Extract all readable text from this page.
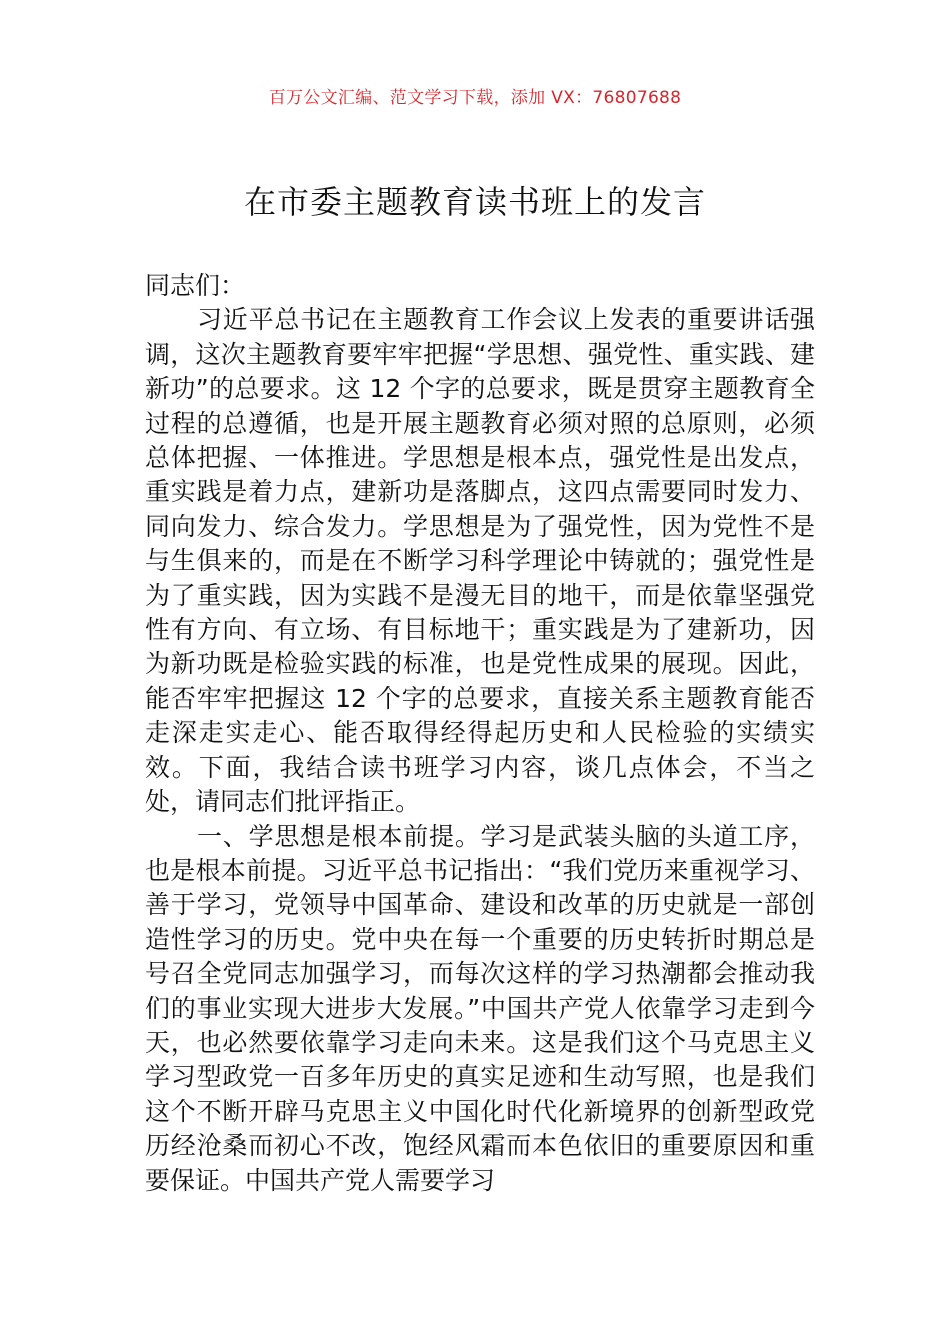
百万公文汇编、范文学习下载，添加 VX：76807688
在市委主题教育读书班上的发言

同志们：

习近平总书记在主题教育工作会议上发表的重要讲话强调，这次主题教育要牢牢把握“学思想、强党性、重实践、建新功”的总要求。这 12 个字的总要求，既是贯穿主题教育全过程的总遵循，也是开展主题教育必须对照的总原则，必须总体把握、一体推进。学思想是根本点，强党性是出发点，重实践是着力点，建新功是落脚点，这四点需要同时发力、同向发力、综合发力。学思想是为了强党性，因为党性不是与生俱来的，而是在不断学习科学理论中铸就的；强党性是为了重实践，因为实践不是漫无目的地干，而是依靠坚强党性有方向、有立场、有目标地干；重实践是为了建新功，因为新功既是检验实践的标准，也是党性成果的展现。因此，能否牢牢把握这 12 个字的总要求，直接关系主题教育能否走深走实走心、能否取得经得起历史和人民检验的实绩实效。下面，我结合读书班学习内容，谈几点体会，不当之处，请同志们批评指正。

一、学思想是根本前提。学习是武装头脑的头道工序，也是根本前提。习近平总书记指出：“我们党历来重视学习、善于学习，党领导中国革命、建设和改革的历史就是一部创造性学习的历史。党中央在每一个重要的历史转折时期总是号召全党同志加强学习，而每次这样的学习热潮都会推动我们的事业实现大进步大发展。”中国共产党人依靠学习走到今天，也必然要依靠学习走向未来。这是我们这个马克思主义学习型政党一百多年历史的真实足迹和生动写照，也是我们这个不断开辟马克思主义中国化时代化新境界的创新型政党历经沧桑而初心不改，饱经风霜而本色依旧的重要原因和重要保证。中国共产党人需要学习
